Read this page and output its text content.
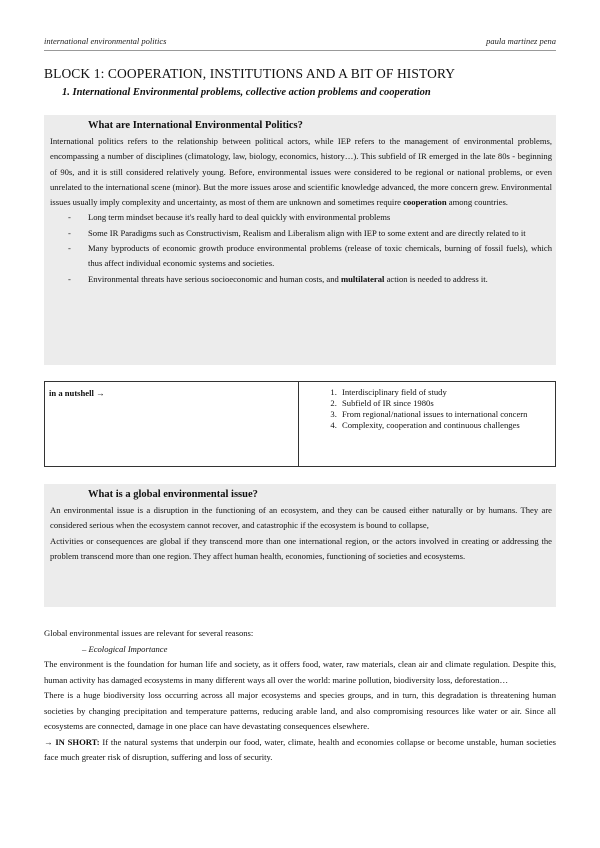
international environmental politics	paula martinez pena
BLOCK 1: COOPERATION, INSTITUTIONS AND A BIT OF HISTORY
1. International Environmental problems, collective action problems and cooperation
What are International Environmental Politics?

International politics refers to the relationship between political actors, while IEP refers to the management of environmental problems, encompassing a number of disciplines (climatology, law, biology, economics, history…). This subfield of IR emerged in the late 80s - beginning of 90s, and it is still considered relatively young. Before, environmental issues were considered to be regional or national problems, or even unrelated to the international scene (minor). But the more issues arose and scientific knowledge advanced, the more concern grew. Environmental issues usually imply complexity and uncertainty, as most of them are unknown and sometimes require cooperation among countries.

- Long term mindset because it's really hard to deal quickly with environmental problems
- Some IR Paradigms such as Constructivism, Realism and Liberalism align with IEP to some extent and are directly related to it
- Many byproducts of economic growth produce environmental problems (release of toxic chemicals, burning of fossil fuels), which thus affect individual economic systems and societies.
- Environmental threats have serious socioeconomic and human costs, and multilateral action is needed to address it.
in a nutshell →
1.	Interdisciplinary field of study
2. Subfield of IR since 1980s
3. From regional/national issues to international concern
4. Complexity, cooperation and continuous challenges
What is a global environmental issue?

An environmental issue is a disruption in the functioning of an ecosystem, and they can be caused either naturally or by humans. They are considered serious when the ecosystem cannot recover, and catastrophic if the ecosystem is bound to collapse,

Activities or consequences are global if they transcend more than one international region, or the actors involved in creating or addressing the problem transcend more than one region. They affect human health, economies, functioning of societies and ecosystems.

Global environmental issues are relevant for several reasons:

– Ecological Importance

The environment is the foundation for human life and society, as it offers food, water, raw materials, clean air and climate regulation. Despite this, human activity has damaged ecosystems in many different ways all over the world: marine pollution, biodiversity loss, deforestation…

There is a huge biodiversity loss occurring across all major ecosystems and species groups, and in turn, this degradation is threatening human societies by changing precipitation and temperature patterns, reducing arable land, and also compromising resources like water or air. Since all ecosystems are connected, damage in one place can have devastating consequences elsewhere.

→ IN SHORT: If the natural systems that underpin our food, water, climate, health and economies collapse or become unstable, human societies face much greater risk of disruption, suffering and loss of security.
